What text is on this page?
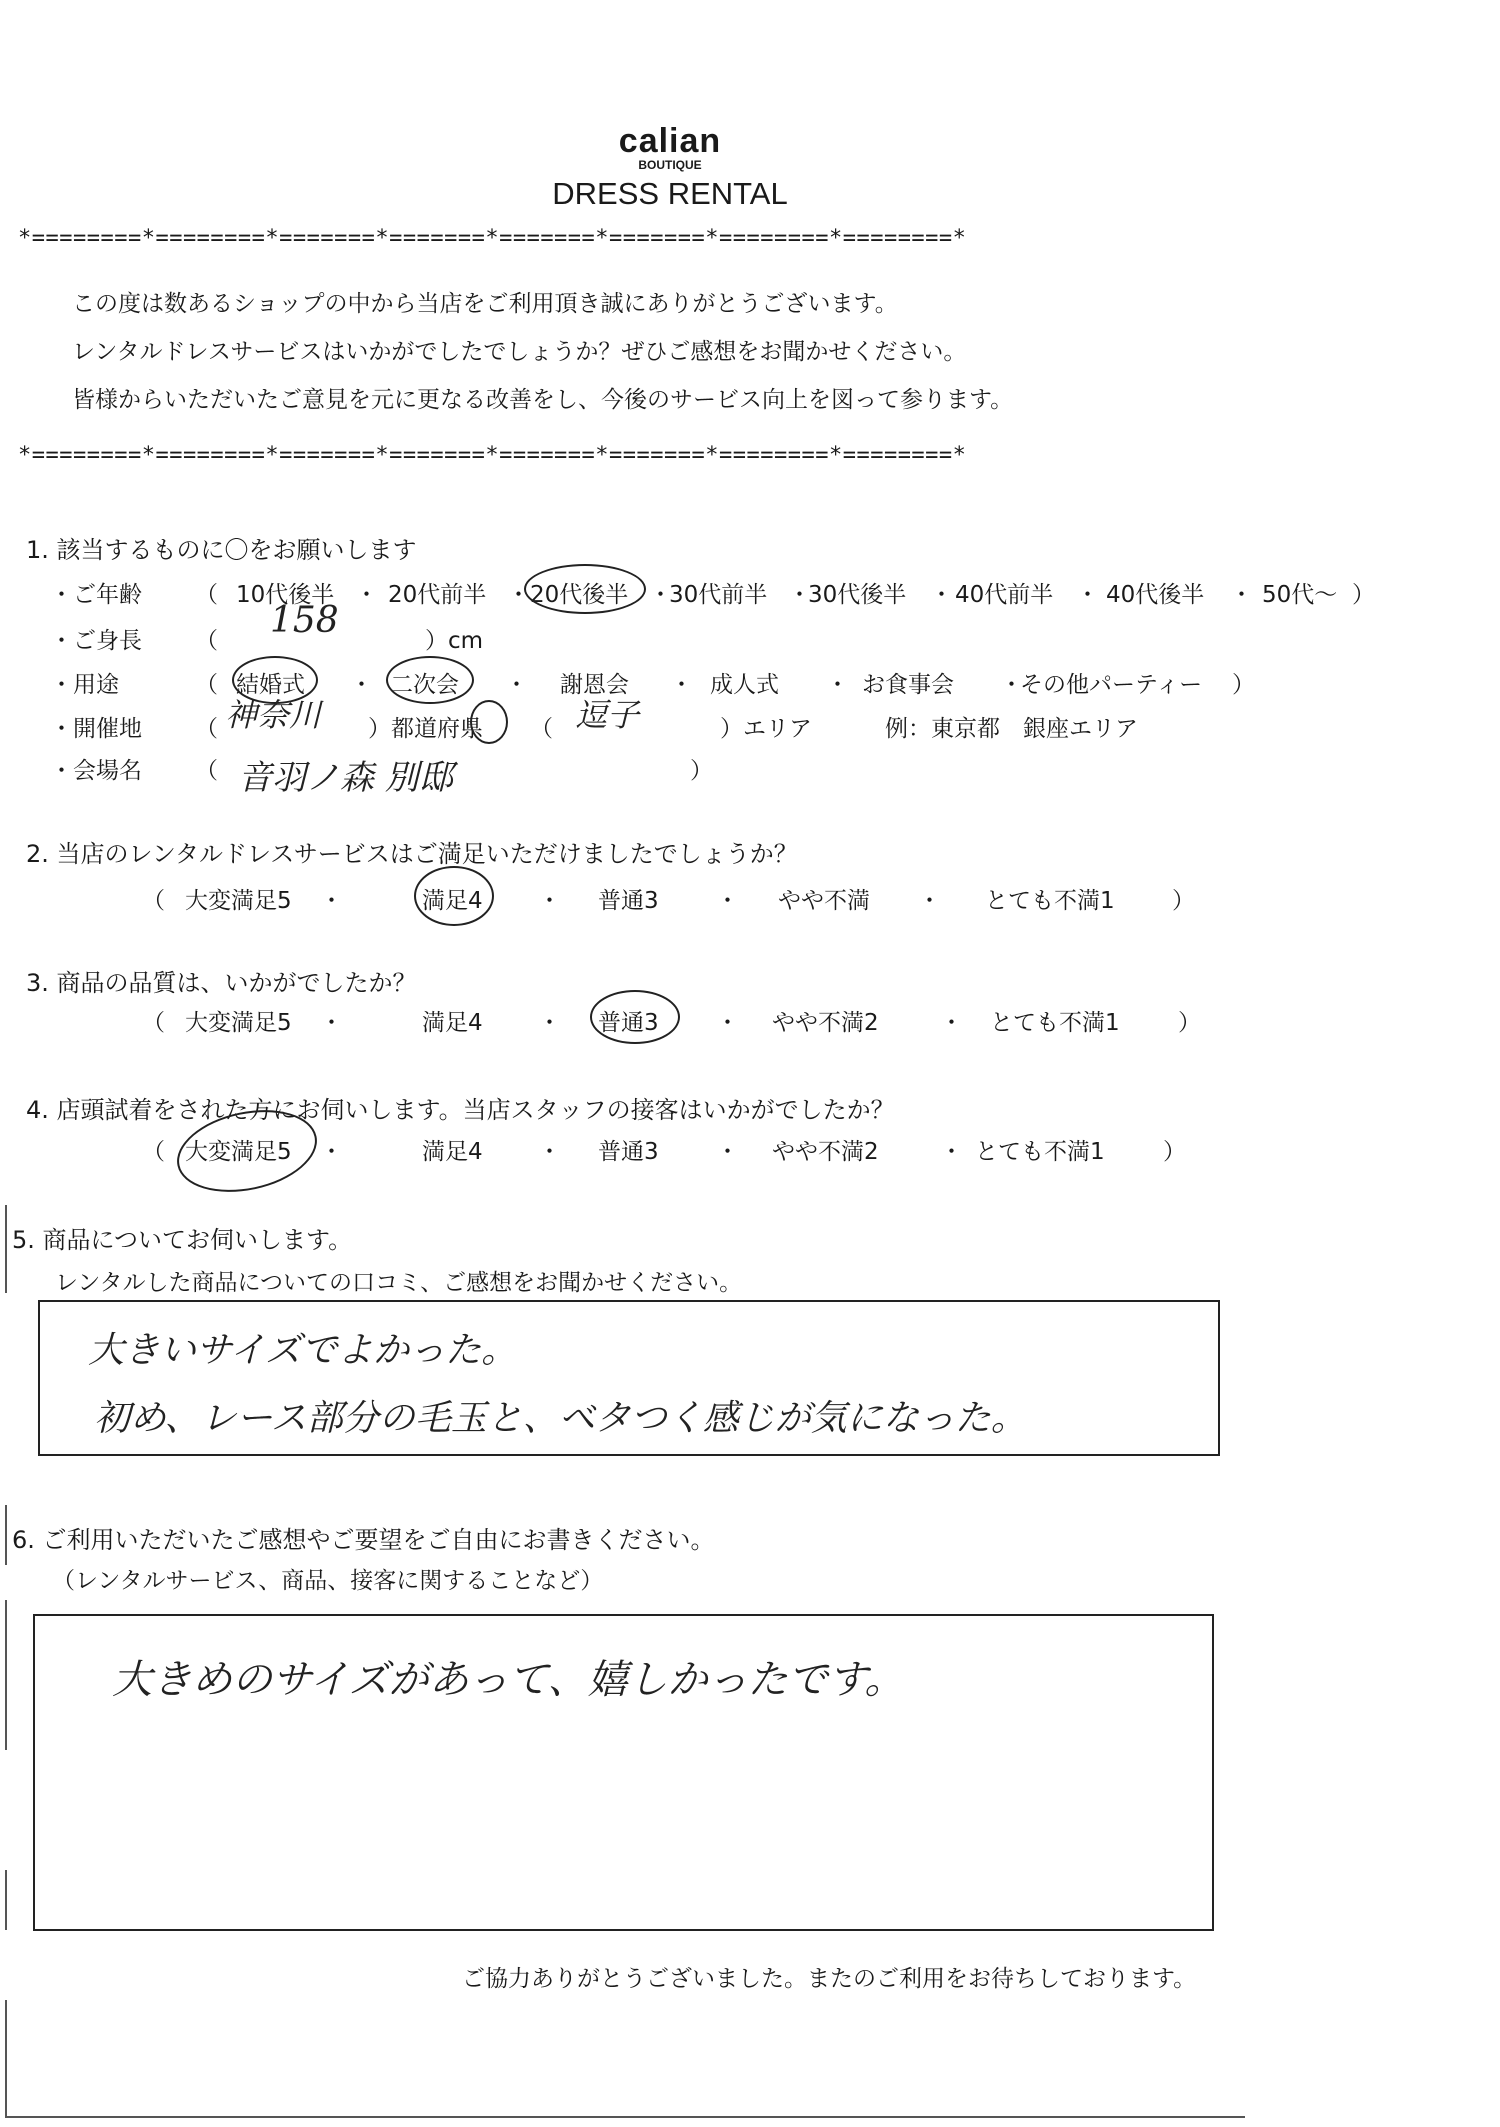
calian
BOUTIQUE
DRESS RENTAL
*========*========*=======*=======*=======*=======*========*========*
この度は数あるショップの中から当店をご利用頂き誠にありがとうございます。
レンタルドレスサービスはいかがでしたでしょうか？ぜひご感想をお聞かせください。
皆様からいただいたご意見を元に更なる改善をし、今後のサービス向上を図って参ります。
*========*========*=======*=======*=======*=======*========*========*
1. 該当するものに〇をお願いします
・ご年齢 （ 10代後半 ・ 20代前半 ・ 20代後半 ・
30代前半 ・
30代後半 ・ 40代前半 ・ 40代後半 ・ 50代～ ）
・ご身長 （ 158	）cm
・用途	（ 結婚式 ・ 二次会 ・ 謝恩会 ・ 成人式 ・ お食事会 ・
その他パーティー ）
・開催地 （ 神奈川 ）都道府県 （ 逗子	）エリア	例：東京都　銀座エリア
・会場名 （ 音羽ノ森 別邸	）
2. 当店のレンタルドレスサービスはご満足いただけましたでしょうか？
（ 大変満足5 ・	満足4 ・ 普通3 ・ やや不満 ・ とても不満1 ）
3. 商品の品質は、いかがでしたか？
（ 大変満足5 ・	満足4 ・ 普通3 ・ やや不満2	・ とても不満1	）
4. 店頭試着をされた方にお伺いします。当店スタッフの接客はいかがでしたか？
（ 大変満足5 ・	満足4 ・ 普通3 ・ やや不満2	・ とても不満1	）
5. 商品についてお伺いします。
レンタルした商品についての口コミ、ご感想をお聞かせください。
大きいサイズでよかった。
初め、レース部分の毛玉と、ベタつく感じが気になった。
6. ご利用いただいたご感想やご要望をご自由にお書きください。
（レンタルサービス、商品、接客に関することなど）
大きめのサイズがあって、嬉しかったです。
ご協力ありがとうございました。またのご利用をお待ちしております。
